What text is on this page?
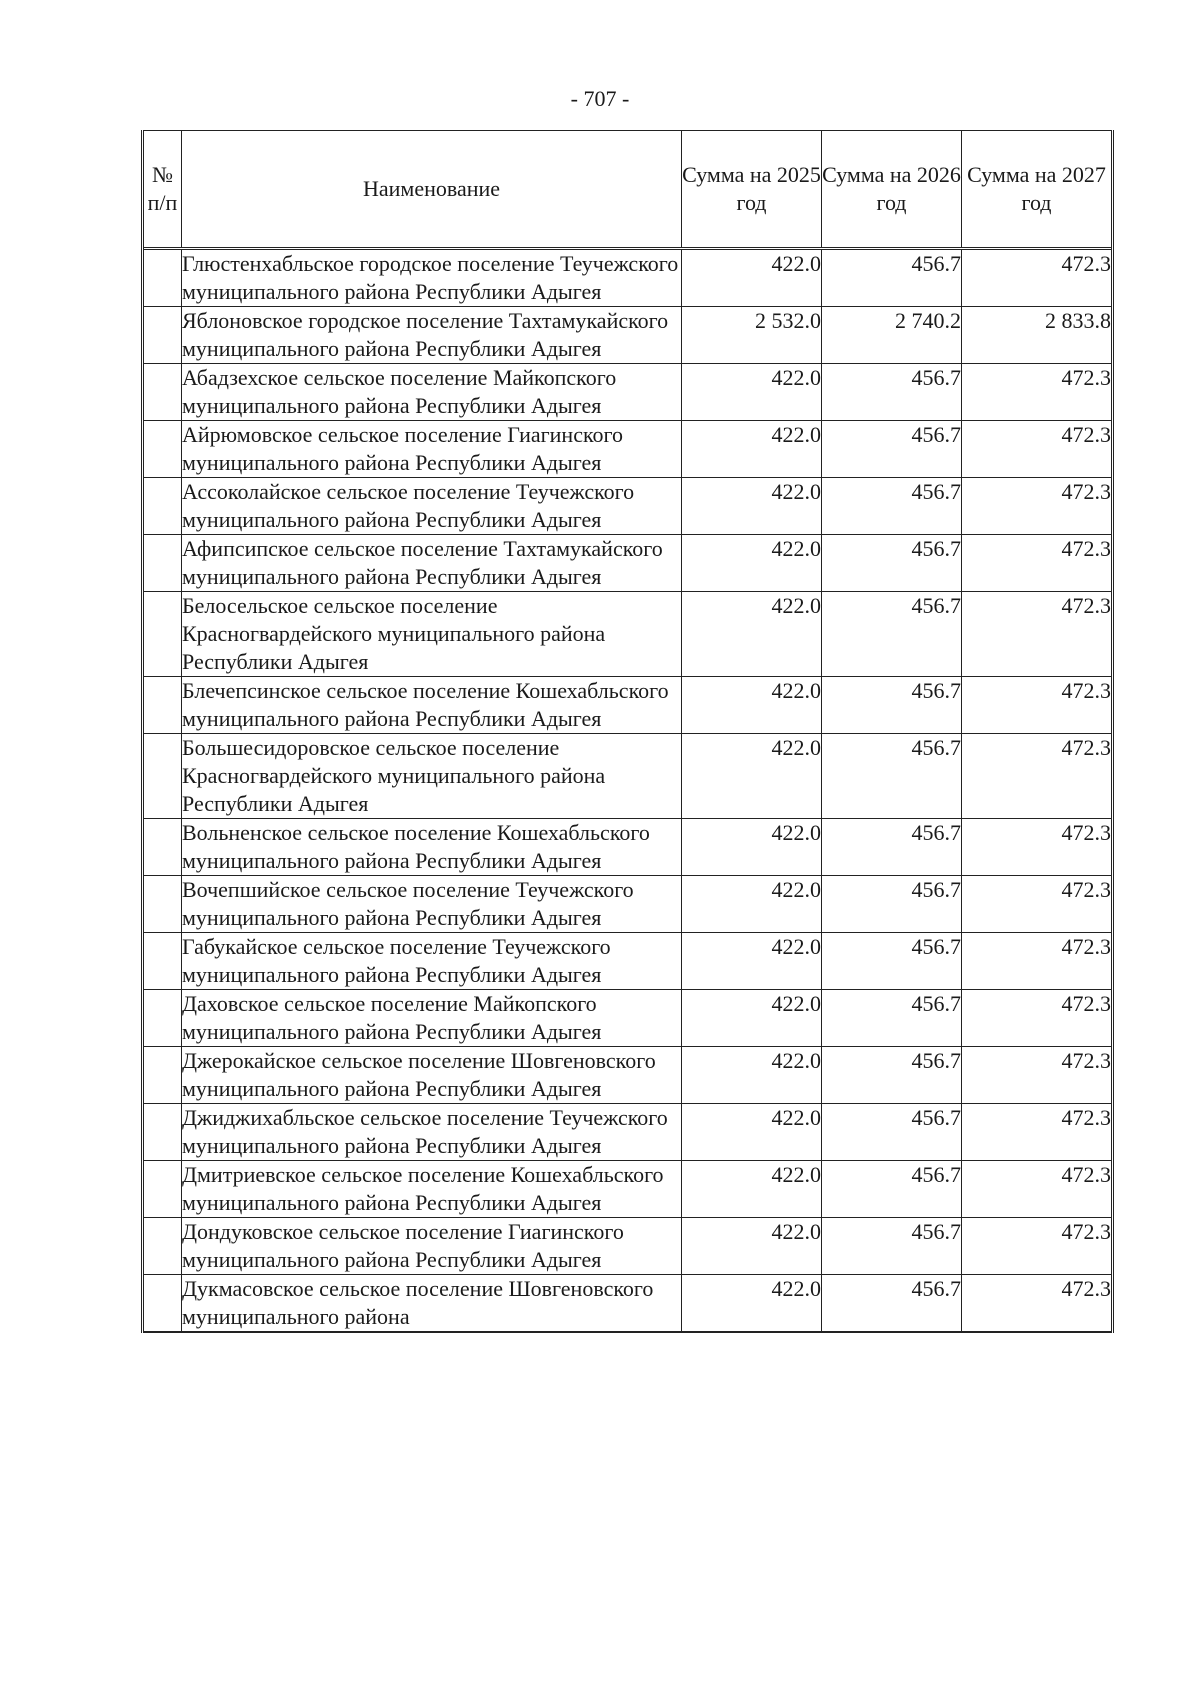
- 707 -
№ п/п	Наименование	Сумма на 2025 год	Сумма на 2026 год	Сумма на 2027 год
	Глюстенхабльское городское поселение Теучежского муниципального района Республики Адыгея	422.0	456.7	472.3
	Яблоновское городское поселение Тахтамукайского муниципального района Республики Адыгея	2 532.0	2 740.2	2 833.8
	Абадзехское сельское поселение Майкопского муниципального района Республики Адыгея	422.0	456.7	472.3
	Айрюмовское сельское поселение Гиагинского муниципального района Республики Адыгея	422.0	456.7	472.3
	Ассоколайское сельское поселение Теучежского муниципального района Республики Адыгея	422.0	456.7	472.3
	Афипсипское сельское поселение Тахтамукайского муниципального района Республики Адыгея	422.0	456.7	472.3
	Белосельское сельское поселение Красногвардейского муниципального района Республики Адыгея	422.0	456.7	472.3
	Блечепсинское сельское поселение Кошехабльского муниципального района Республики Адыгея	422.0	456.7	472.3
	Большесидоровское сельское поселение Красногвардейского муниципального района Республики Адыгея	422.0	456.7	472.3
	Вольненское сельское поселение Кошехабльского муниципального района Республики Адыгея	422.0	456.7	472.3
	Вочепшийское сельское поселение Теучежского муниципального района Республики Адыгея	422.0	456.7	472.3
	Габукайское сельское поселение Теучежского муниципального района Республики Адыгея	422.0	456.7	472.3
	Даховское сельское поселение Майкопского муниципального района Республики Адыгея	422.0	456.7	472.3
	Джерокайское сельское поселение Шовгеновского муниципального района Республики Адыгея	422.0	456.7	472.3
	Джиджихабльское сельское поселение Теучежского муниципального района Республики Адыгея	422.0	456.7	472.3
	Дмитриевское сельское поселение Кошехабльского муниципального района Республики Адыгея	422.0	456.7	472.3
	Дондуковское сельское поселение Гиагинского муниципального района Республики Адыгея	422.0	456.7	472.3
	Дукмасовское сельское поселение Шовгеновского муниципального района	422.0	456.7	472.3
